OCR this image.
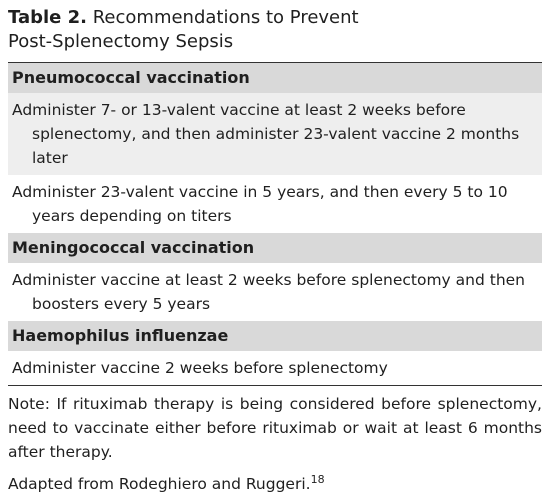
Table 2. Recommendations to Prevent
Post-Splenectomy Sepsis
Pneumococcal vaccination
Administer 7- or 13-valent vaccine at least 2 weeks before splenectomy, and then administer 23-valent vaccine 2 months later
Administer 23-valent vaccine in 5 years, and then every 5 to 10 years depending on titers
Meningococcal vaccination
Administer vaccine at least 2 weeks before splenectomy and then boosters every 5 years
Haemophilus influenzae
Administer vaccine 2 weeks before splenectomy
Note: If rituximab therapy is being considered before splenectomy, need to vaccinate either before rituximab or wait at least 6 months after therapy.
Adapted from Rodeghiero and Ruggeri.$^{18}$
